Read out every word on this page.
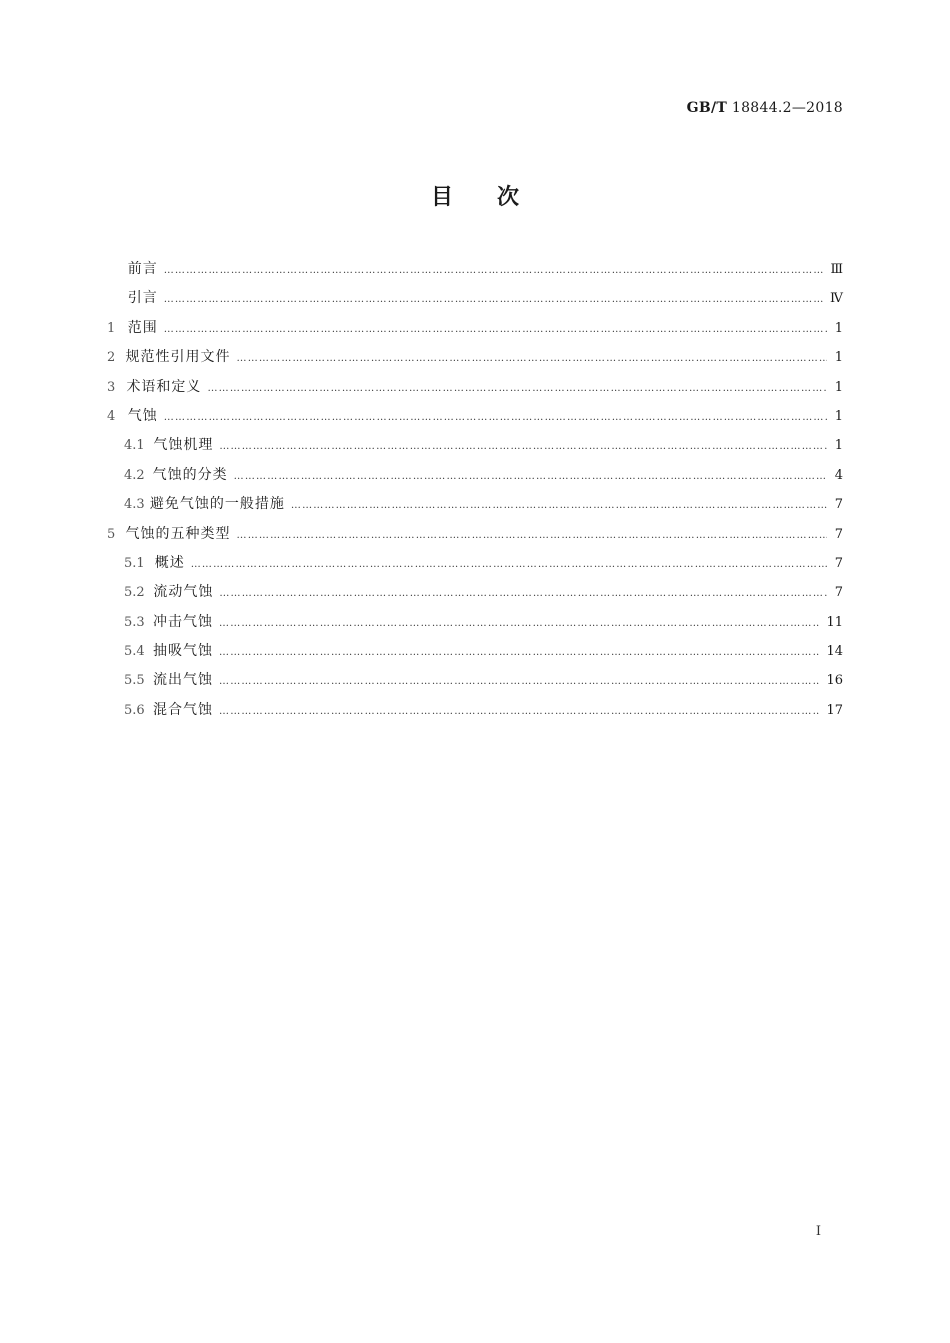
GB/T 18844.2—2018
目次
前言 ……………………………………………………………………………………………………………………………………………………………………………………………………	Ⅲ
引言 ……………………………………………………………………………………………………………………………………………………………………………………………………	Ⅳ
1 范围 ……………………………………………………………………………………………………………………………………………………………………………………………………	1
2 规范性引用文件 ……………………………………………………………………………………………………………………………………………………………………………………………………	1
3 术语和定义 ……………………………………………………………………………………………………………………………………………………………………………………………………	1
4 气蚀 ……………………………………………………………………………………………………………………………………………………………………………………………………	1
4.1 气蚀机理 ……………………………………………………………………………………………………………………………………………………………………………………………………	1
4.2 气蚀的分类 ……………………………………………………………………………………………………………………………………………………………………………………………………	4
4.3 避免气蚀的一般措施 ……………………………………………………………………………………………………………………………………………………………………………………………………	7
5 气蚀的五种类型 ……………………………………………………………………………………………………………………………………………………………………………………………………	7
5.1 概述 ……………………………………………………………………………………………………………………………………………………………………………………………………	7
5.2 流动气蚀 ……………………………………………………………………………………………………………………………………………………………………………………………………	7
5.3 冲击气蚀 ……………………………………………………………………………………………………………………………………………………………………………………………………	11
5.4 抽吸气蚀 ……………………………………………………………………………………………………………………………………………………………………………………………………	14
5.5 流出气蚀 ……………………………………………………………………………………………………………………………………………………………………………………………………	16
5.6 混合气蚀 ……………………………………………………………………………………………………………………………………………………………………………………………………	17
Ⅰ
